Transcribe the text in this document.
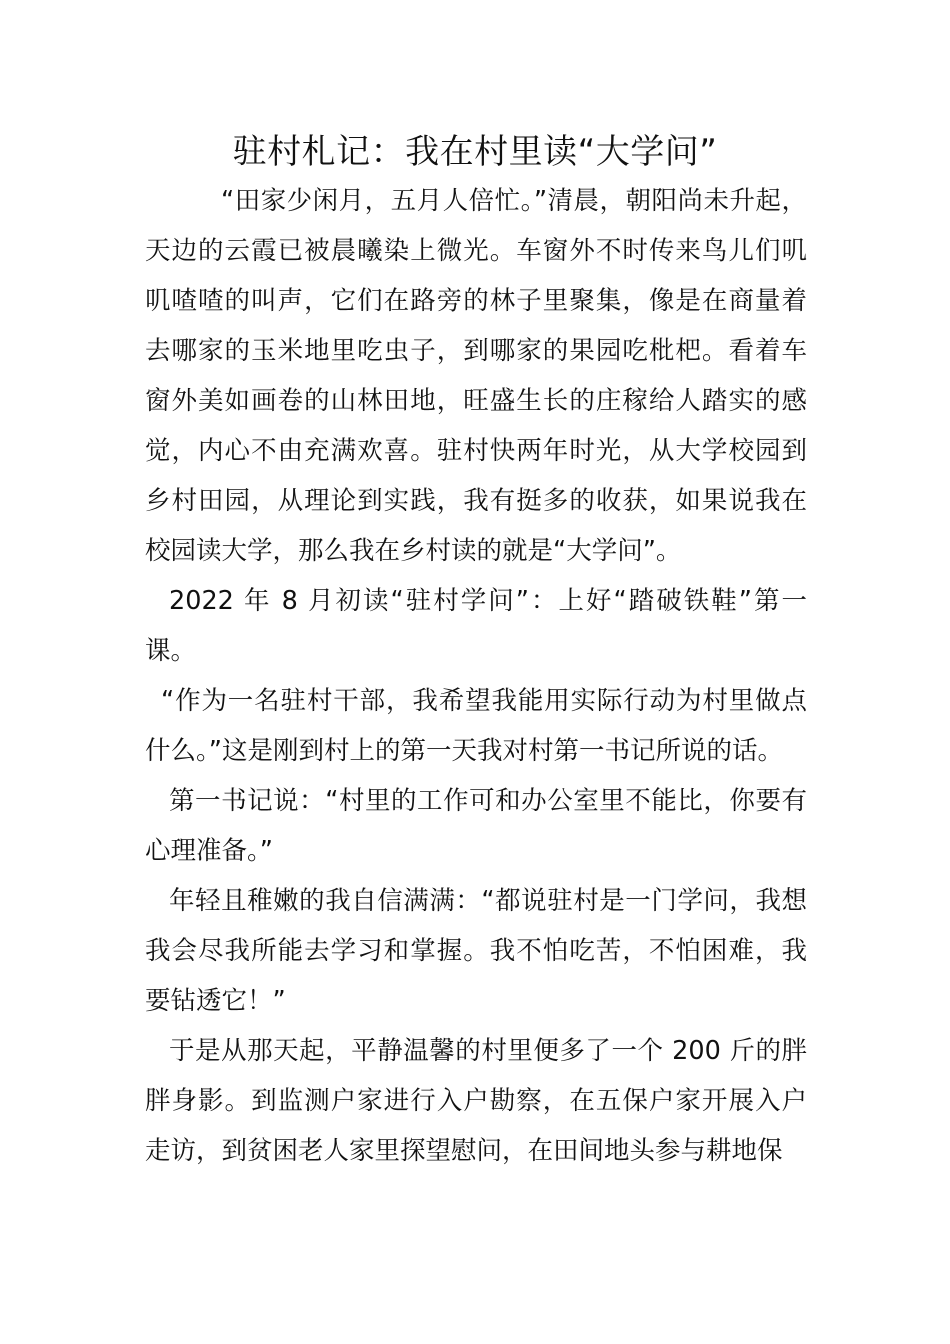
驻村札记：我在村里读“大学问”

“田家少闲月，五月人倍忙。”清晨，朝阳尚未升起，天边的云霞已被晨曦染上微光。车窗外不时传来鸟儿们叽叽喳喳的叫声，它们在路旁的林子里聚集，像是在商量着去哪家的玉米地里吃虫子，到哪家的果园吃枇杷。看着车窗外美如画卷的山林田地，旺盛生长的庄稼给人踏实的感觉，内心不由充满欢喜。驻村快两年时光，从大学校园到乡村田园，从理论到实践，我有挺多的收获，如果说我在校园读大学，那么我在乡村读的就是“大学问”。

2022 年 8 月初读“驻村学问”：上好“踏破铁鞋”第一课。

“作为一名驻村干部，我希望我能用实际行动为村里做点什么。”这是刚到村上的第一天我对村第一书记所说的话。

第一书记说：“村里的工作可和办公室里不能比，你要有心理准备。”

年轻且稚嫩的我自信满满：“都说驻村是一门学问，我想我会尽我所能去学习和掌握。我不怕吃苦，不怕困难，我要钻透它！”

于是从那天起，平静温馨的村里便多了一个 200 斤的胖胖身影。到监测户家进行入户勘察，在五保户家开展入户走访，到贫困老人家里探望慰问，在田间地头参与耕地保
